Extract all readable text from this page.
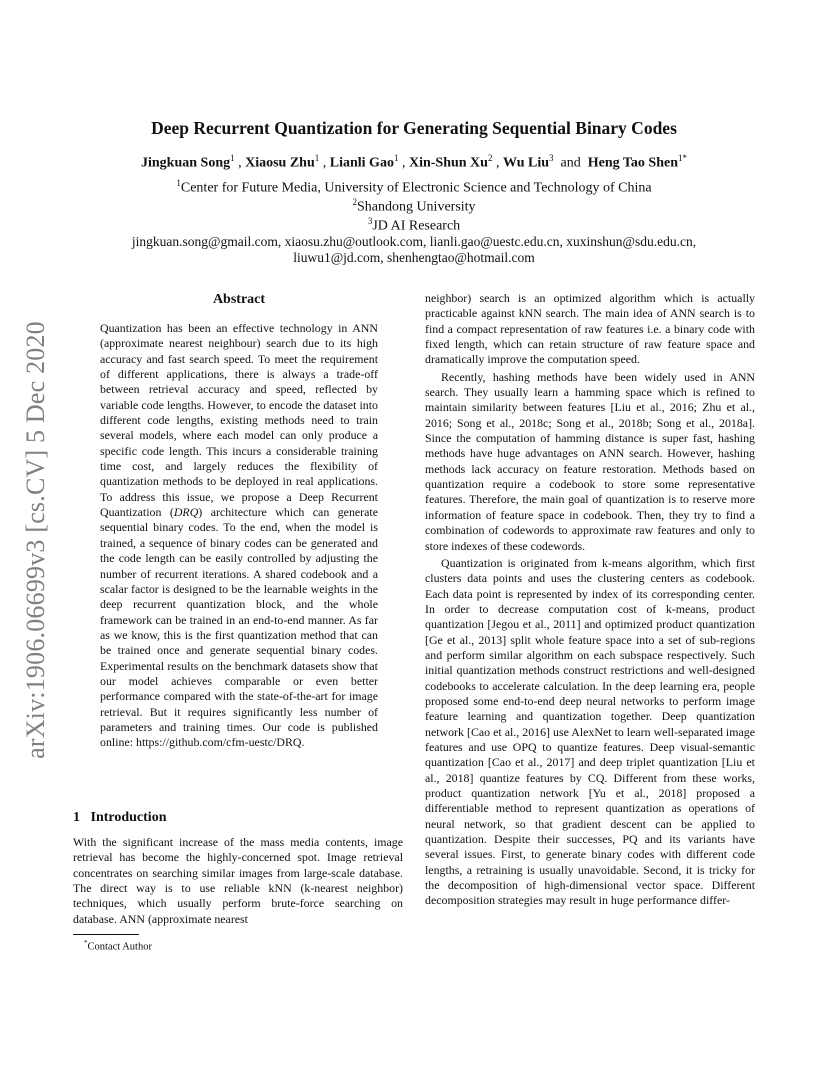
arXiv:1906.06699v3 [cs.CV] 5 Dec 2020
Deep Recurrent Quantization for Generating Sequential Binary Codes
Jingkuan Song$^1$ , Xiaosu Zhu$^1$ , Lianli Gao$^1$ , Xin-Shun Xu$^2$ , Wu Liu$^3$ and Heng Tao Shen$^{1*}$
$^1$Center for Future Media, University of Electronic Science and Technology of China
$^2$Shandong University
$^3$JD AI Research
jingkuan.song@gmail.com, xiaosu.zhu@outlook.com, lianli.gao@uestc.edu.cn, xuxinshun@sdu.edu.cn,
liuwu1@jd.com, shenhengtao@hotmail.com
Abstract

Quantization has been an effective technology in ANN (approximate nearest neighbour) search due to its high accuracy and fast search speed. To meet the requirement of different applications, there is always a trade-off between retrieval accuracy and speed, reflected by variable code lengths. However, to encode the dataset into different code lengths, existing methods need to train several models, where each model can only produce a specific code length. This incurs a considerable training time cost, and largely reduces the flexibility of quantization methods to be deployed in real applications. To address this issue, we propose a Deep Recurrent Quantization (DRQ) architecture which can generate sequential binary codes. To the end, when the model is trained, a sequence of binary codes can be generated and the code length can be easily controlled by adjusting the number of recurrent iterations. A shared codebook and a scalar factor is designed to be the learnable weights in the deep recurrent quantization block, and the whole framework can be trained in an end-to-end manner. As far as we know, this is the first quantization method that can be trained once and generate sequential binary codes. Experimental results on the benchmark datasets show that our model achieves comparable or even better performance compared with the state-of-the-art for image retrieval. But it requires significantly less number of parameters and training times. Our code is published online: https://github.com/cfm-uestc/DRQ.

1 Introduction

With the significant increase of the mass media contents, image retrieval has become the highly-concerned spot. Image retrieval concentrates on searching similar images from large-scale database. The direct way is to use reliable kNN (k-nearest neighbor) techniques, which usually perform brute-force searching on database. ANN (approximate nearest

neighbor) search is an optimized algorithm which is actually practicable against kNN search. The main idea of ANN search is to find a compact representation of raw features i.e. a binary code with fixed length, which can retain structure of raw feature space and dramatically improve the computation speed.

Recently, hashing methods have been widely used in ANN search. They usually learn a hamming space which is refined to maintain similarity between features [Liu et al., 2016; Zhu et al., 2016; Song et al., 2018c; Song et al., 2018b; Song et al., 2018a]. Since the computation of hamming distance is super fast, hashing methods have huge advantages on ANN search. However, hashing methods lack accuracy on feature restoration. Methods based on quantization require a codebook to store some representative features. Therefore, the main goal of quantization is to reserve more information of feature space in codebook. Then, they try to find a combination of codewords to approximate raw features and only to store indexes of these codewords.

Quantization is originated from k-means algorithm, which first clusters data points and uses the clustering centers as codebook. Each data point is represented by index of its corresponding center. In order to decrease computation cost of k-means, product quantization [Jegou et al., 2011] and optimized product quantization [Ge et al., 2013] split whole feature space into a set of sub-regions and perform similar algorithm on each subspace respectively. Such initial quantization methods construct restrictions and well-designed codebooks to accelerate calculation. In the deep learning era, people proposed some end-to-end deep neural networks to perform image feature learning and quantization together. Deep quantization network [Cao et al., 2016] use AlexNet to learn well-separated image features and use OPQ to quantize features. Deep visual-semantic quantization [Cao et al., 2017] and deep triplet quantization [Liu et al., 2018] quantize features by CQ. Different from these works, product quantization network [Yu et al., 2018] proposed a differentiable method to represent quantization as operations of neural network, so that gradient descent can be applied to quantization. Despite their successes, PQ and its variants have several issues. First, to generate binary codes with different code lengths, a retraining is usually unavoidable. Second, it is tricky for the decomposition of high-dimensional vector space. Different decomposition strategies may result in huge performance differ-

*Contact Author
